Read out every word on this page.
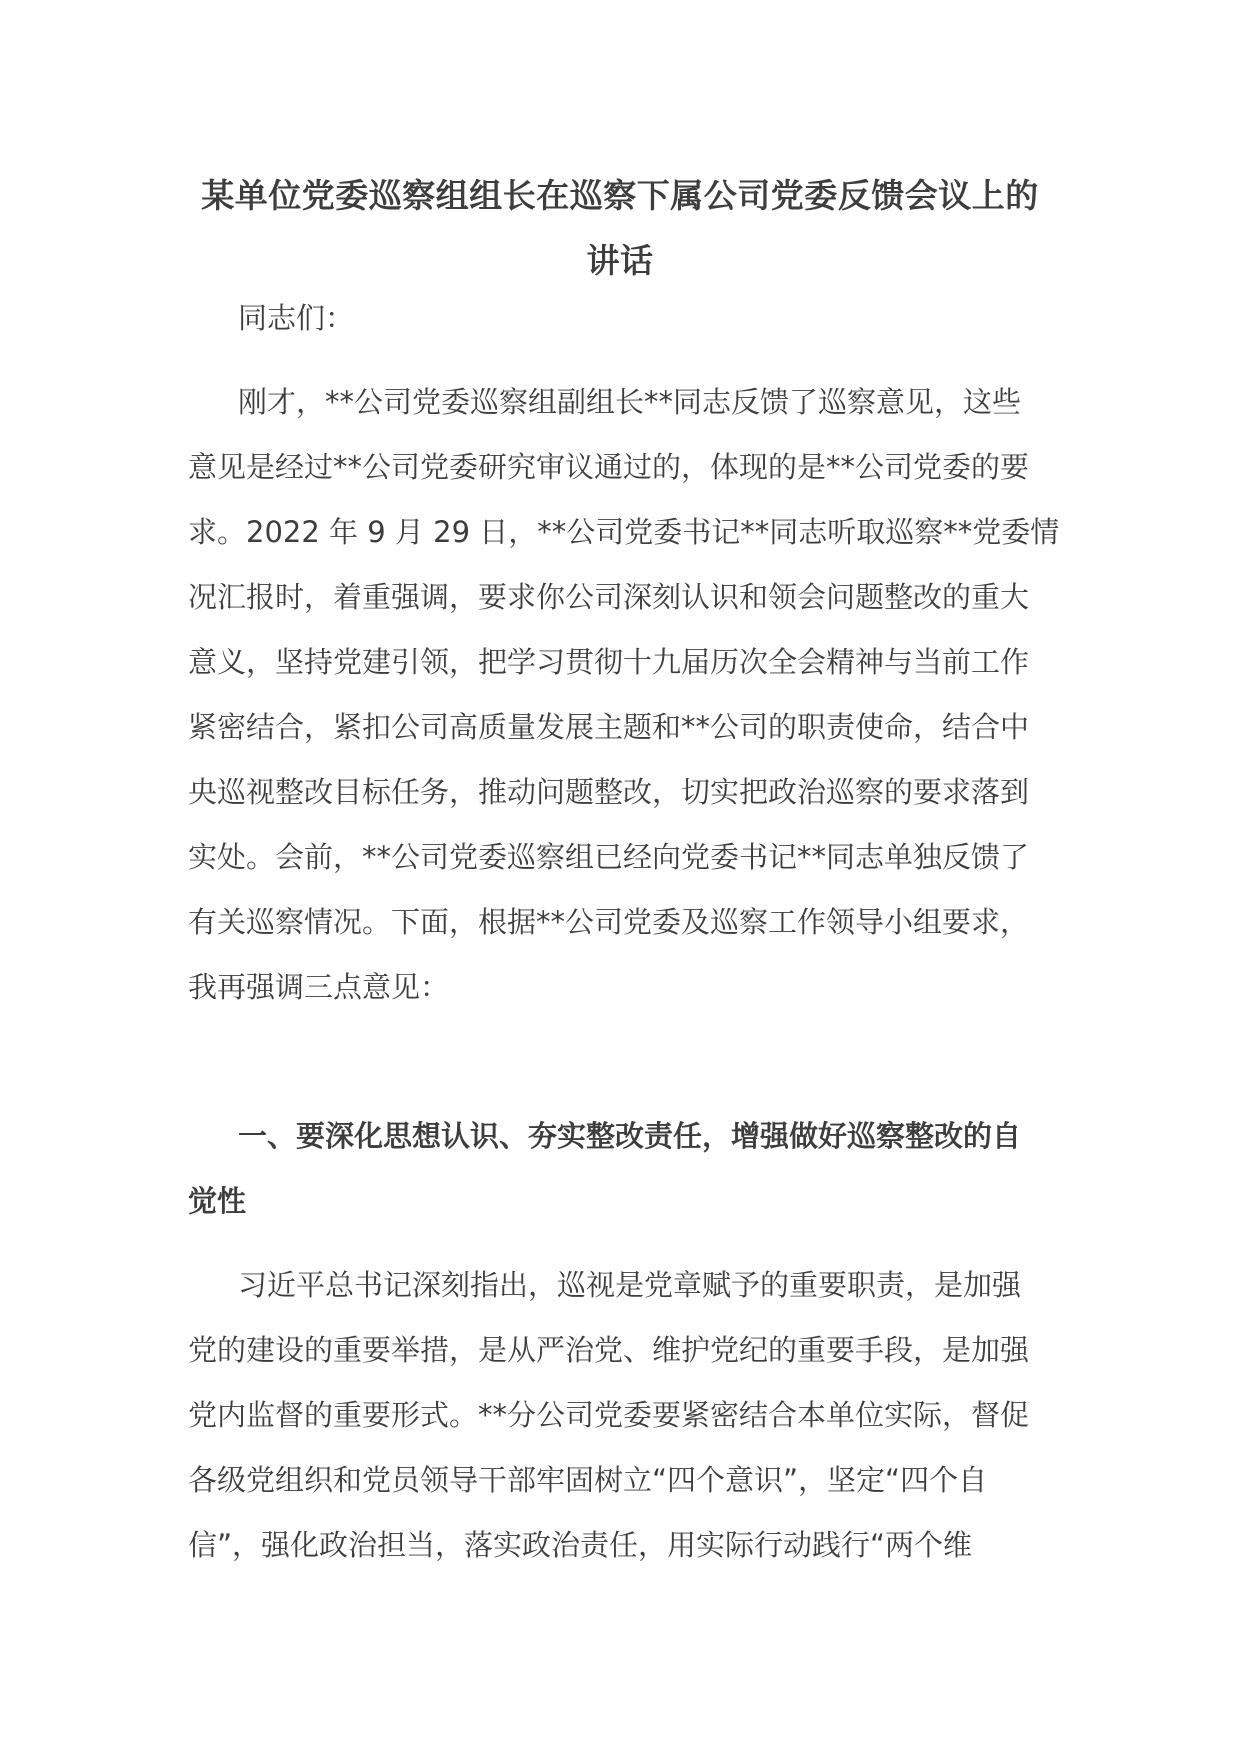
某单位党委巡察组组长在巡察下属公司党委反馈会议上的
讲话
同志们：
刚才，**公司党委巡察组副组长**同志反馈了巡察意见，这些
意见是经过**公司党委研究审议通过的，体现的是**公司党委的要
求。2022 年 9 月 29 日，**公司党委书记**同志听取巡察**党委情
况汇报时，着重强调，要求你公司深刻认识和领会问题整改的重大
意义，坚持党建引领，把学习贯彻十九届历次全会精神与当前工作
紧密结合，紧扣公司高质量发展主题和**公司的职责使命，结合中
央巡视整改目标任务，推动问题整改，切实把政治巡察的要求落到
实处。会前，**公司党委巡察组已经向党委书记**同志单独反馈了
有关巡察情况。下面，根据**公司党委及巡察工作领导小组要求，
我再强调三点意见：
一、要深化思想认识、夯实整改责任，增强做好巡察整改的自
觉性
习近平总书记深刻指出，巡视是党章赋予的重要职责，是加强
党的建设的重要举措，是从严治党、维护党纪的重要手段，是加强
党内监督的重要形式。**分公司党委要紧密结合本单位实际，督促
各级党组织和党员领导干部牢固树立“四个意识”，坚定“四个自
信”，强化政治担当，落实政治责任，用实际行动践行“两个维
